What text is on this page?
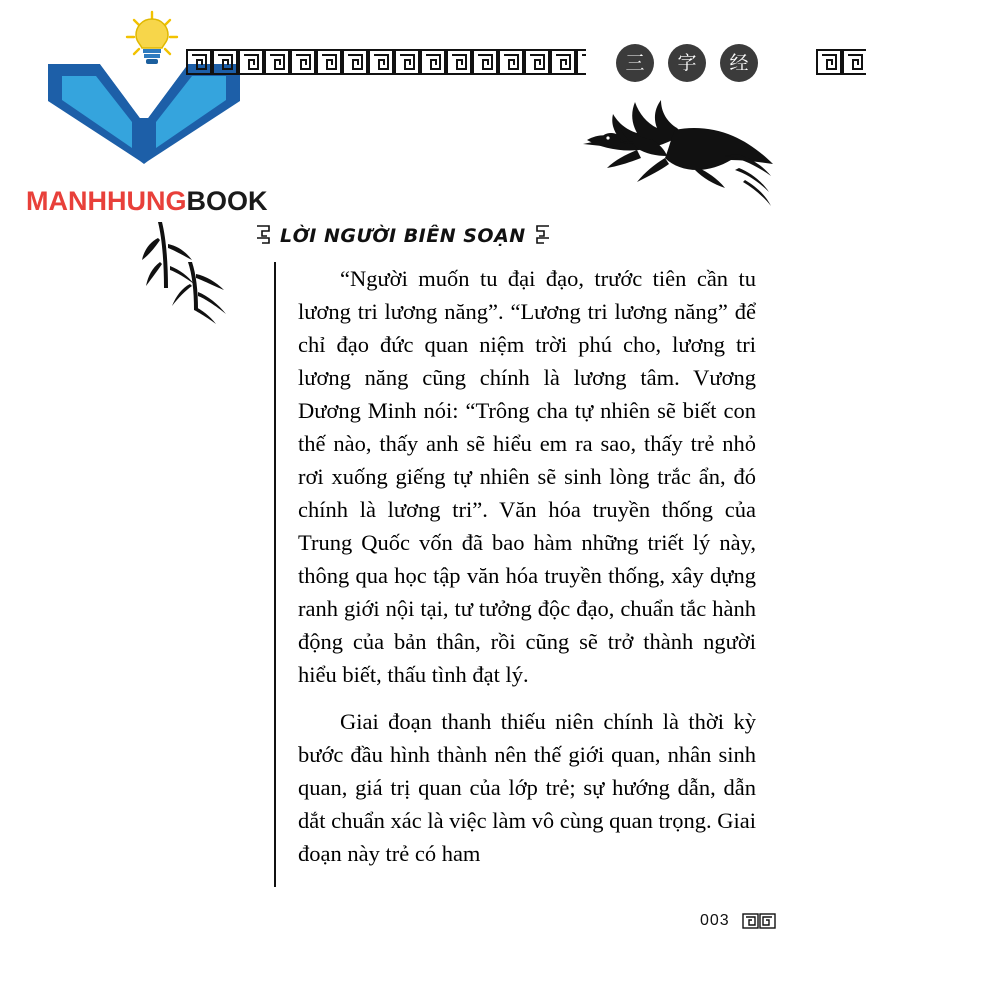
MANHHUNGBOOK
三	字	经
LỜI NGƯỜI BIÊN SOẠN

“Người muốn tu đại đạo, trước tiên cần tu lương tri lương năng”. “Lương tri lương năng” để chỉ đạo đức quan niệm trời phú cho, lương tri lương năng cũng chính là lương tâm. Vương Dương Minh nói: “Trông cha tự nhiên sẽ biết con thế nào, thấy anh sẽ hiểu em ra sao, thấy trẻ nhỏ rơi xuống giếng tự nhiên sẽ sinh lòng trắc ẩn, đó chính là lương tri”. Văn hóa truyền thống của Trung Quốc vốn đã bao hàm những triết lý này, thông qua học tập văn hóa truyền thống, xây dựng ranh giới nội tại, tư tưởng độc đạo, chuẩn tắc hành động của bản thân, rồi cũng sẽ trở thành người hiểu biết, thấu tình đạt lý.

Giai đoạn thanh thiếu niên chính là thời kỳ bước đầu hình thành nên thế giới quan, nhân sinh quan, giá trị quan của lớp trẻ; sự hướng dẫn, dẫn dắt chuẩn xác là việc làm vô cùng quan trọng. Giai đoạn này trẻ có ham

003
